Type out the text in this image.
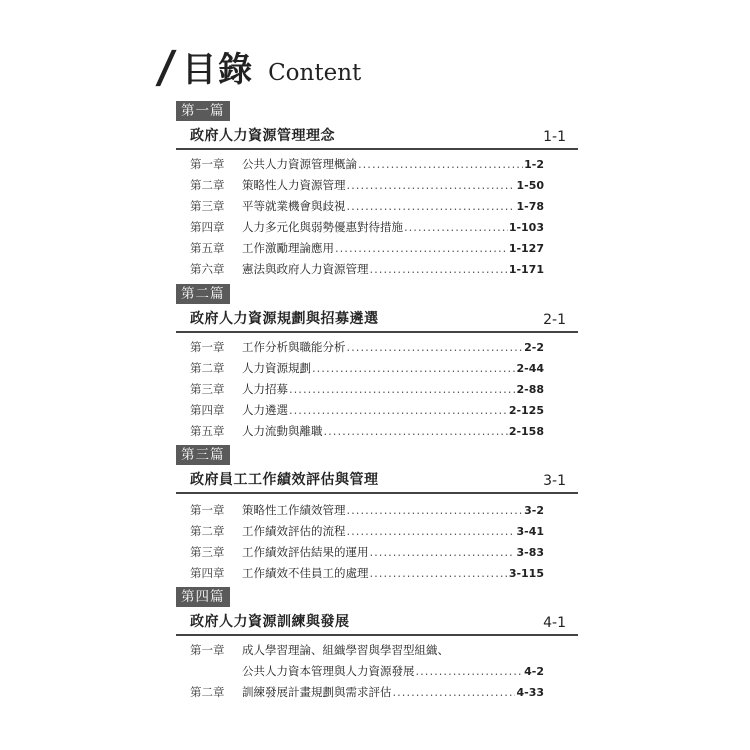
/ 目錄 Content
第一篇
政府人力資源管理理念	1-1
第一章	公共人力資源管理概論 .....	1-2
第二章	策略性人力資源管理 .....	1-50
第三章	平等就業機會與歧視 .....	1-78
第四章	人力多元化與弱勢優惠對待措施 .....	1-103
第五章	工作激勵理論應用 .....	1-127
第六章	憲法與政府人力資源管理 .....	1-171
第二篇
政府人力資源規劃與招募遴選	2-1
第一章	工作分析與職能分析 .....	2-2
第二章	人力資源規劃 .....	2-44
第三章	人力招募 .....	2-88
第四章	人力遴選 .....	2-125
第五章	人力流動與離職 .....	2-158
第三篇
政府員工工作績效評估與管理	3-1
第一章	策略性工作績效管理 .....	3-2
第二章	工作績效評估的流程 .....	3-41
第三章	工作績效評估結果的運用 .....	3-83
第四章	工作績效不佳員工的處理 .....	3-115
第四篇
政府人力資源訓練與發展	4-1
第一章	成人學習理論、組織學習與學習型組織、
公共人力資本管理與人力資源發展 .....	4-2
第二章	訓練發展計畫規劃與需求評估 .....	4-33
